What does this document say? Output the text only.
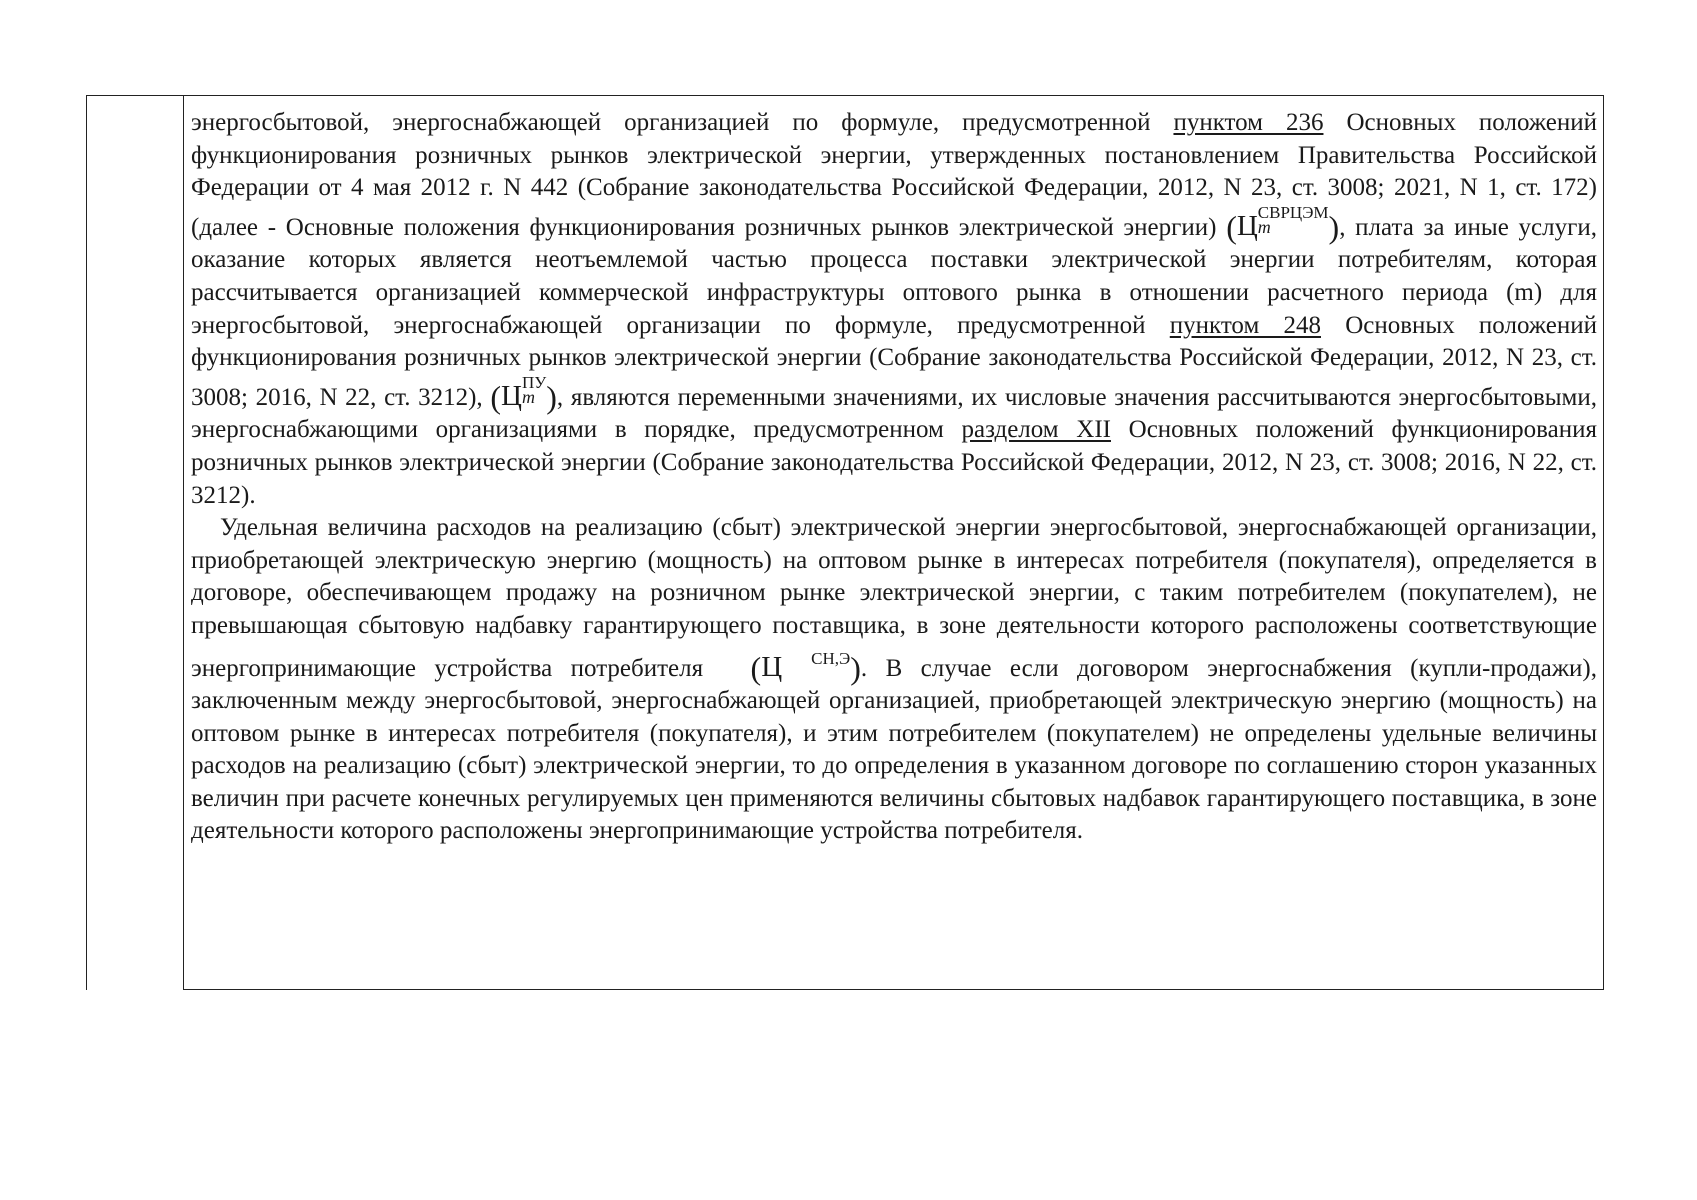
энергосбытовой, энергоснабжающей организацией по формуле, предусмотренной пунктом 236 Основных положений функционирования розничных рынков электрической энергии, утвержденных постановлением Правительства Российской Федерации от 4 мая 2012 г. N 442 (Собрание законодательства Российской Федерации, 2012, N 23, ст. 3008; 2021, N 1, ст. 172) (далее - Основные положения функционирования розничных рынков электрической энергии) (Ц СВРЦЭМ
m	), плата за иные услуги, оказание которых является неотъемлемой частью процесса поставки электрической энергии потребителям, которая рассчитывается организацией коммерческой инфраструктуры оптового рынка в отношении расчетного периода (m) для энергосбытовой, энергоснабжающей организации по формуле, предусмотренной пунктом 248 Основных положений функционирования розничных рынков электрической энергии (Собрание законодательства Российской Федерации, 2012, N 23, ст. 3008; 2016, N 22, ст. 3212), (Ц ПУ
m ), являются переменными значениями, их числовые значения рассчитываются энергосбытовыми, энергоснабжающими организациями в порядке, предусмотренном разделом XII Основных положений функционирования розничных рынков электрической энергии (Собрание законодательства Российской Федерации, 2012, N 23, ст. 3008; 2016, N 22, ст. 3212).

Удельная величина расходов на реализацию (сбыт) электрической энергии энергосбытовой, энергоснабжающей организации, приобретающей электрическую энергию (мощность) на оптовом рынке в интересах потребителя (покупателя), определяется в договоре, обеспечивающем продажу на розничном рынке электрической энергии, с таким потребителем (покупателем), не превышающая сбытовую надбавку гарантирующего поставщика, в зоне деятельности которого расположены соответствующие энергопринимающие устройства потребителя (Ц СН,Э). В случае если договором энергоснабжения (купли-продажи), заключенным между энергосбытовой, энергоснабжающей организацией, приобретающей электрическую энергию (мощность) на оптовом рынке в интересах потребителя (покупателя), и этим потребителем (покупателем) не определены удельные величины расходов на реализацию (сбыт) электрической энергии, то до определения в указанном договоре по соглашению сторон указанных величин при расчете конечных регулируемых цен применяются величины сбытовых надбавок гарантирующего поставщика, в зоне деятельности которого расположены энергопринимающие устройства потребителя.
